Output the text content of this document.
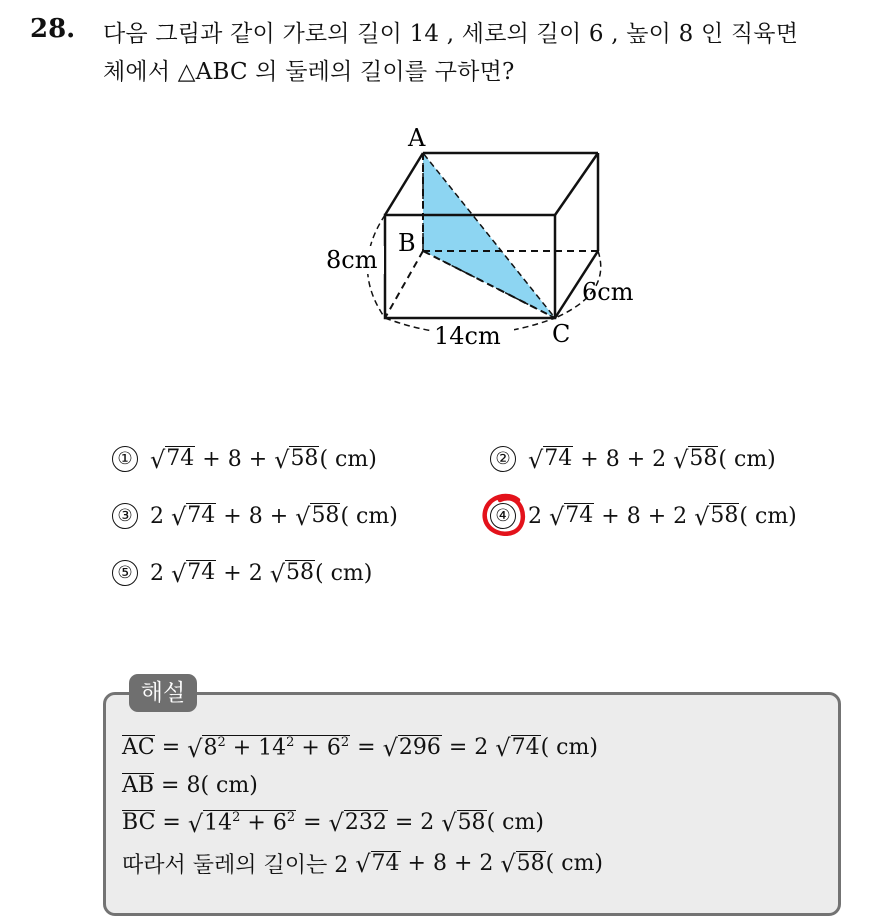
28. 다음 그림과 같이 가로의 길이 14 , 세로의 길이 6 , 높이 8 인 직육면
체에서 △ABC 의 둘레의 길이를 구하면?
A
B
C
8cm
14cm
6cm
① √ 74 + 8 + √ 58 ( cm)	② √ 74 + 8 + 2 √ 58 ( cm)
③ 2 √ 74 + 8 + √ 58 ( cm)	④ 2 √ 74 + 8 + 2 √ 58 ( cm)
⑤ 2 √ 74 + 2 √ 58 ( cm)
해설
AC = √ $8^2 + 14^2 + 6^2$ = √ 296 = 2 √ 74 ( cm)
AB = 8( cm)
BC = √ $14^2 + 6^2$ = √ 232 = 2 √ 58 ( cm)
따라서 둘레의 길이는 2 √ 74 + 8 + 2 √ 58 ( cm)
